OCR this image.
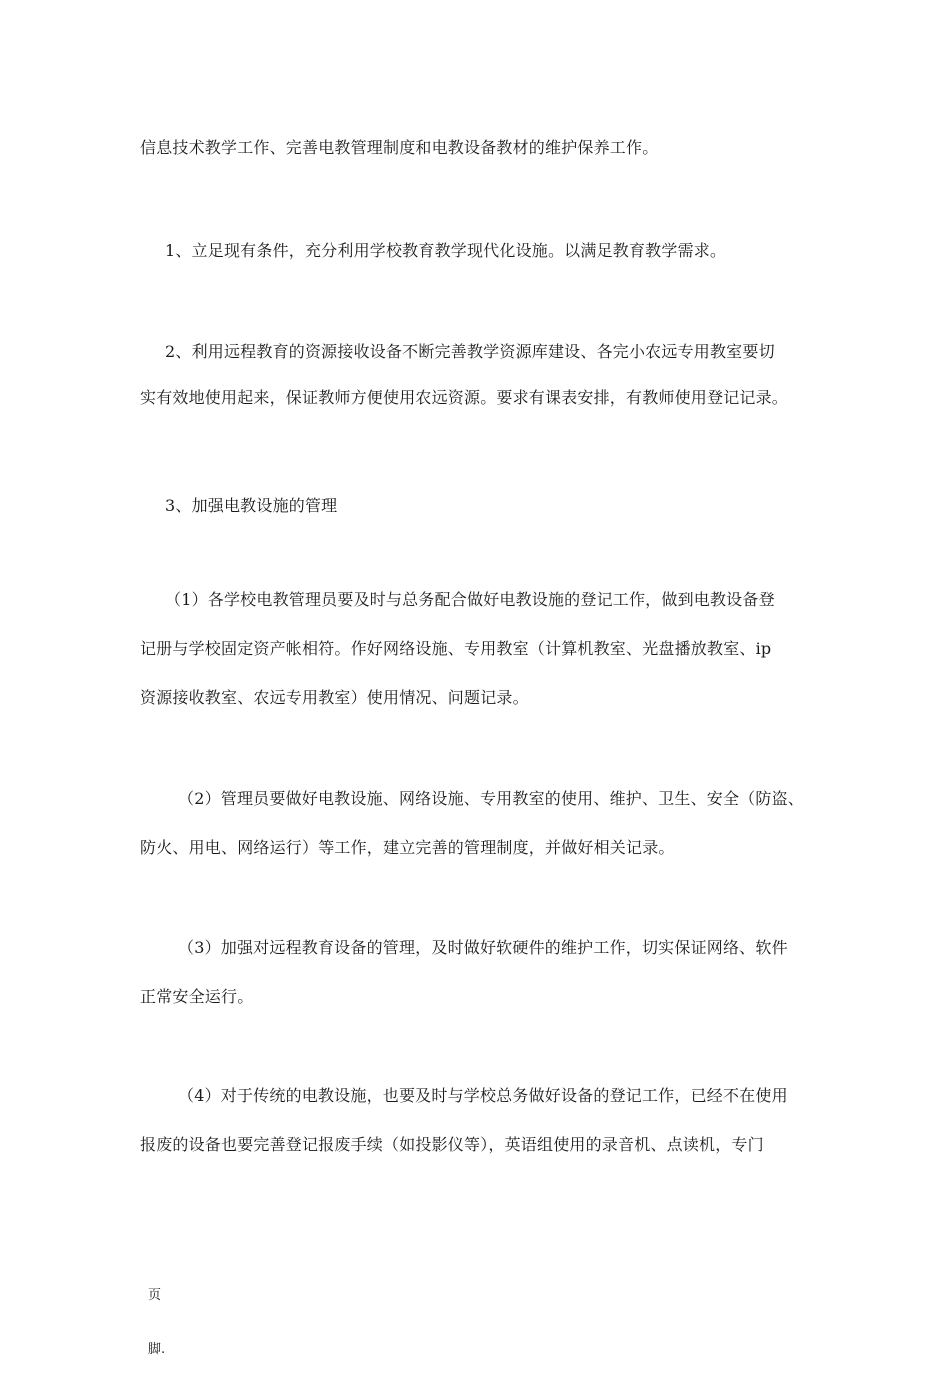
信息技术教学工作、完善电教管理制度和电教设备教材的维护保养工作。
1、立足现有条件，充分利用学校教育教学现代化设施。以满足教育教学需求。
2、利用远程教育的资源接收设备不断完善教学资源库建设、各完小农远专用教室要切
实有效地使用起来，保证教师方便使用农远资源。要求有课表安排，有教师使用登记记录。
3、加强电教设施的管理
（1）各学校电教管理员要及时与总务配合做好电教设施的登记工作，做到电教设备登
记册与学校固定资产帐相符。作好网络设施、专用教室（计算机教室、光盘播放教室、ip
资源接收教室、农远专用教室）使用情况、问题记录。
（2）管理员要做好电教设施、网络设施、专用教室的使用、维护、卫生、安全（防盗、
防火、用电、网络运行）等工作，建立完善的管理制度，并做好相关记录。
（3）加强对远程教育设备的管理，及时做好软硬件的维护工作，切实保证网络、软件
正常安全运行。
（4）对于传统的电教设施，也要及时与学校总务做好设备的登记工作，已经不在使用
报废的设备也要完善登记报废手续（如投影仪等），英语组使用的录音机、点读机，专门

页

脚.
